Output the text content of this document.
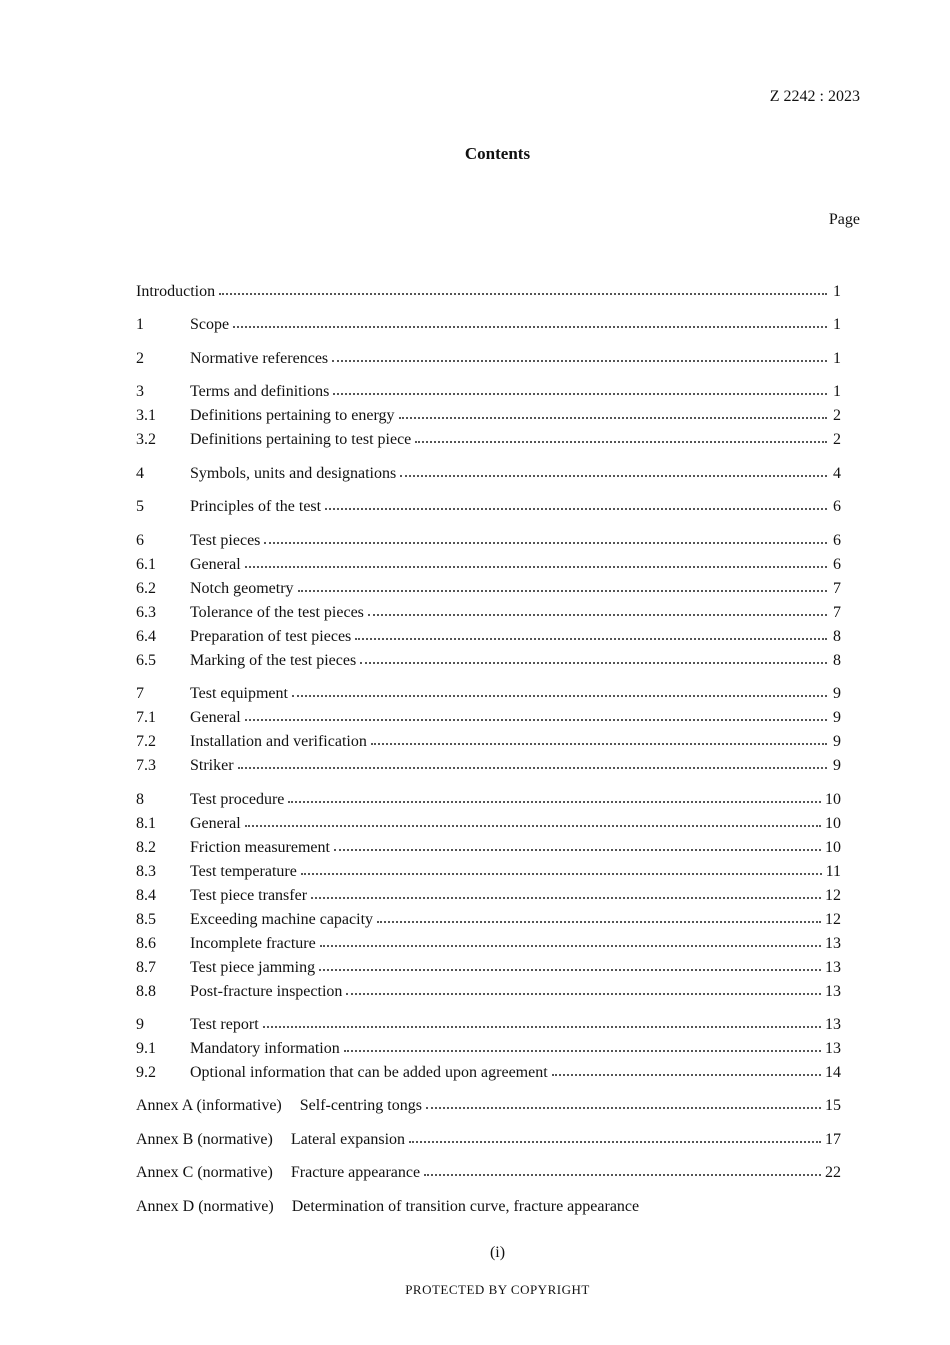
Z 2242 : 2023
Contents
Page
Introduction	1
1	Scope	1
2	Normative references	1
3	Terms and definitions	1
3.1	Definitions pertaining to energy	2
3.2	Definitions pertaining to test piece	2
4	Symbols, units and designations	4
5	Principles of the test	6
6	Test pieces	6
6.1	General	6
6.2	Notch geometry	7
6.3	Tolerance of the test pieces	7
6.4	Preparation of test pieces	8
6.5	Marking of the test pieces	8
7	Test equipment	9
7.1	General	9
7.2	Installation and verification	9
7.3	Striker	9
8	Test procedure	10
8.1	General	10
8.2	Friction measurement	10
8.3	Test temperature	11
8.4	Test piece transfer	12
8.5	Exceeding machine capacity	12
8.6	Incomplete fracture	13
8.7	Test piece jamming	13
8.8	Post-fracture inspection	13
9	Test report	13
9.1	Mandatory information	13
9.2	Optional information that can be added upon agreement	14
Annex A (informative) Self-centring tongs	15
Annex B (normative) Lateral expansion	17
Annex C (normative) Fracture appearance	22
Annex D (normative) Determination of transition curve, fracture appearance
(i)
PROTECTED BY COPYRIGHT
